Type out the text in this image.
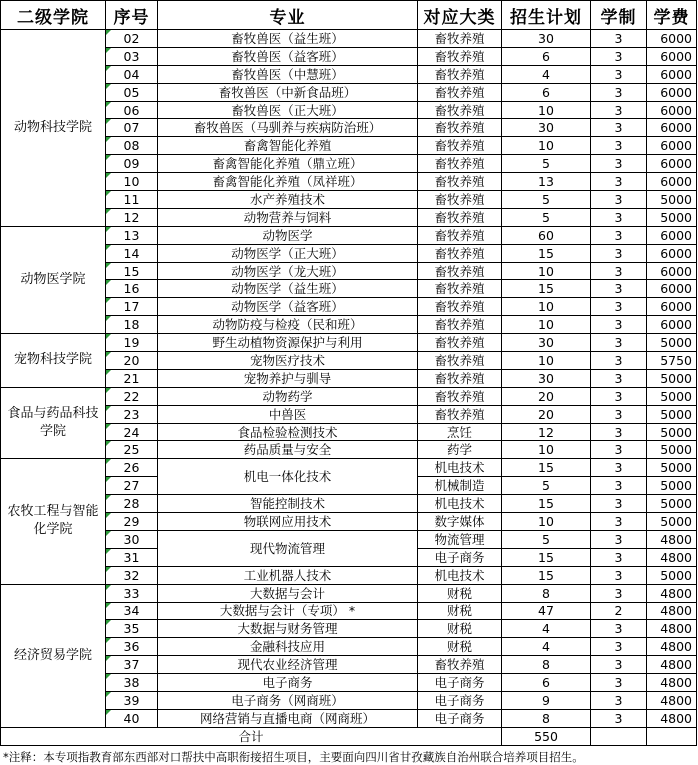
二级学院	序号	专业	对应大类	招生计划	学制	学费
动物科技学院	02	畜牧兽医（益生班）	畜牧养殖	30	3	6000
	03	畜牧兽医（益客班）	畜牧养殖	6	3	6000
	04	畜牧兽医（中慧班）	畜牧养殖	4	3	6000
	05	畜牧兽医（中新食品班）	畜牧养殖	6	3	6000
	06	畜牧兽医（正大班）	畜牧养殖	10	3	6000
	07	畜牧兽医（马驯养与疾病防治班）	畜牧养殖	30	3	6000
	08	畜禽智能化养殖	畜牧养殖	10	3	6000
	09	畜禽智能化养殖（鼎立班）	畜牧养殖	5	3	6000
	10	畜禽智能化养殖（凤祥班）	畜牧养殖	13	3	6000
	11	水产养殖技术	畜牧养殖	5	3	5000
	12	动物营养与饲料	畜牧养殖	5	3	5000
动物医学院	13	动物医学	畜牧养殖	60	3	6000
	14	动物医学（正大班）	畜牧养殖	15	3	6000
	15	动物医学（龙大班）	畜牧养殖	10	3	6000
	16	动物医学（益生班）	畜牧养殖	15	3	6000
	17	动物医学（益客班）	畜牧养殖	10	3	6000
	18	动物防疫与检疫（民和班）	畜牧养殖	10	3	6000
宠物科技学院	19	野生动植物资源保护与利用	畜牧养殖	30	3	5000
	20	宠物医疗技术	畜牧养殖	10	3	5750
	21	宠物养护与驯导	畜牧养殖	30	3	5000
食品与药品科技学院	22	动物药学	畜牧养殖	20	3	5000
	23	中兽医	畜牧养殖	20	3	5000
	24	食品检验检测技术	烹饪	12	3	5000
	25	药品质量与安全	药学	10	3	5000
农牧工程与智能化学院	26	机电一体化技术	机电技术	15	3	5000
	27		机械制造	5	3	5000
	28	智能控制技术	机电技术	15	3	5000
	29	物联网应用技术	数字媒体	10	3	5000
	30	现代物流管理	物流管理	5	3	4800
	31		电子商务	15	3	4800
	32	工业机器人技术	机电技术	15	3	5000
经济贸易学院	33	大数据与会计	财税	8	3	4800
	34	大数据与会计（专项） *	财税	47	2	4800
	35	大数据与财务管理	财税	4	3	4800
	36	金融科技应用	财税	4	3	4800
	37	现代农业经济管理	畜牧养殖	8	3	4800
	38	电子商务	电子商务	6	3	4800
	39	电子商务（网商班）	电子商务	9	3	4800
	40	网络营销与直播电商（网商班）	电子商务	8	3	4800
合计				550		
*注释：本专项指教育部东西部对口帮扶中高职衔接招生项目，主要面向四川省甘孜藏族自治州联合培养项目招生。
